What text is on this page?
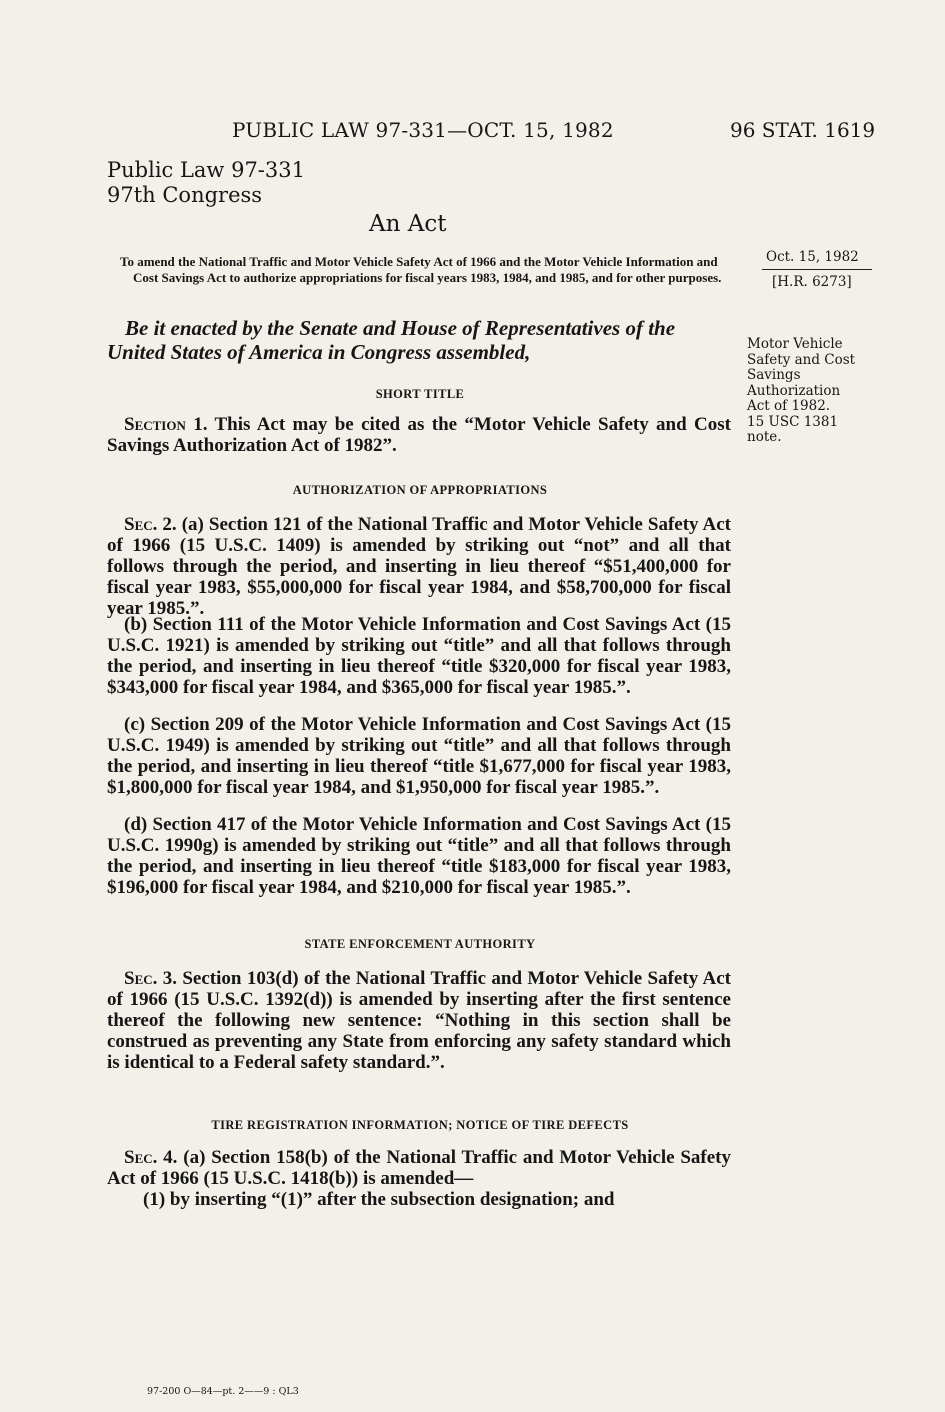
PUBLIC LAW 97-331—OCT. 15, 1982	96 STAT. 1619
Public Law 97-331
97th Congress
An Act
To amend the National Traffic and Motor Vehicle Safety Act of 1966 and the Motor Vehicle Information and Cost Savings Act to authorize appropriations for fiscal years 1983, 1984, and 1985, and for other purposes.
Oct. 15, 1982
[H.R. 6273]
Be it enacted by the Senate and House of Representatives of the United States of America in Congress assembled,	Motor Vehicle
Safety and Cost
Savings
Authorization
Act of 1982.
15 USC 1381
note.
SHORT TITLE
Section 1. This Act may be cited as the “Motor Vehicle Safety and Cost Savings Authorization Act of 1982”.
AUTHORIZATION OF APPROPRIATIONS
Sec. 2. (a) Section 121 of the National Traffic and Motor Vehicle Safety Act of 1966 (15 U.S.C. 1409) is amended by striking out “not” and all that follows through the period, and inserting in lieu thereof “$51,400,000 for fiscal year 1983, $55,000,000 for fiscal year 1984, and $58,700,000 for fiscal year 1985.”.
(b) Section 111 of the Motor Vehicle Information and Cost Savings Act (15 U.S.C. 1921) is amended by striking out “title” and all that follows through the period, and inserting in lieu thereof “title $320,000 for fiscal year 1983, $343,000 for fiscal year 1984, and $365,000 for fiscal year 1985.”.
(c) Section 209 of the Motor Vehicle Information and Cost Savings Act (15 U.S.C. 1949) is amended by striking out “title” and all that follows through the period, and inserting in lieu thereof “title $1,677,000 for fiscal year 1983, $1,800,000 for fiscal year 1984, and $1,950,000 for fiscal year 1985.”.
(d) Section 417 of the Motor Vehicle Information and Cost Savings Act (15 U.S.C. 1990g) is amended by striking out “title” and all that follows through the period, and inserting in lieu thereof “title $183,000 for fiscal year 1983, $196,000 for fiscal year 1984, and $210,000 for fiscal year 1985.”.
STATE ENFORCEMENT AUTHORITY
Sec. 3. Section 103(d) of the National Traffic and Motor Vehicle Safety Act of 1966 (15 U.S.C. 1392(d)) is amended by inserting after the first sentence thereof the following new sentence: “Nothing in this section shall be construed as preventing any State from enforcing any safety standard which is identical to a Federal safety standard.”.
TIRE REGISTRATION INFORMATION; NOTICE OF TIRE DEFECTS
Sec. 4. (a) Section 158(b) of the National Traffic and Motor Vehicle Safety Act of 1966 (15 U.S.C. 1418(b)) is amended—
(1) by inserting “(1)” after the subsection designation; and
97-200 O—84—pt. 2——9 : QL3
